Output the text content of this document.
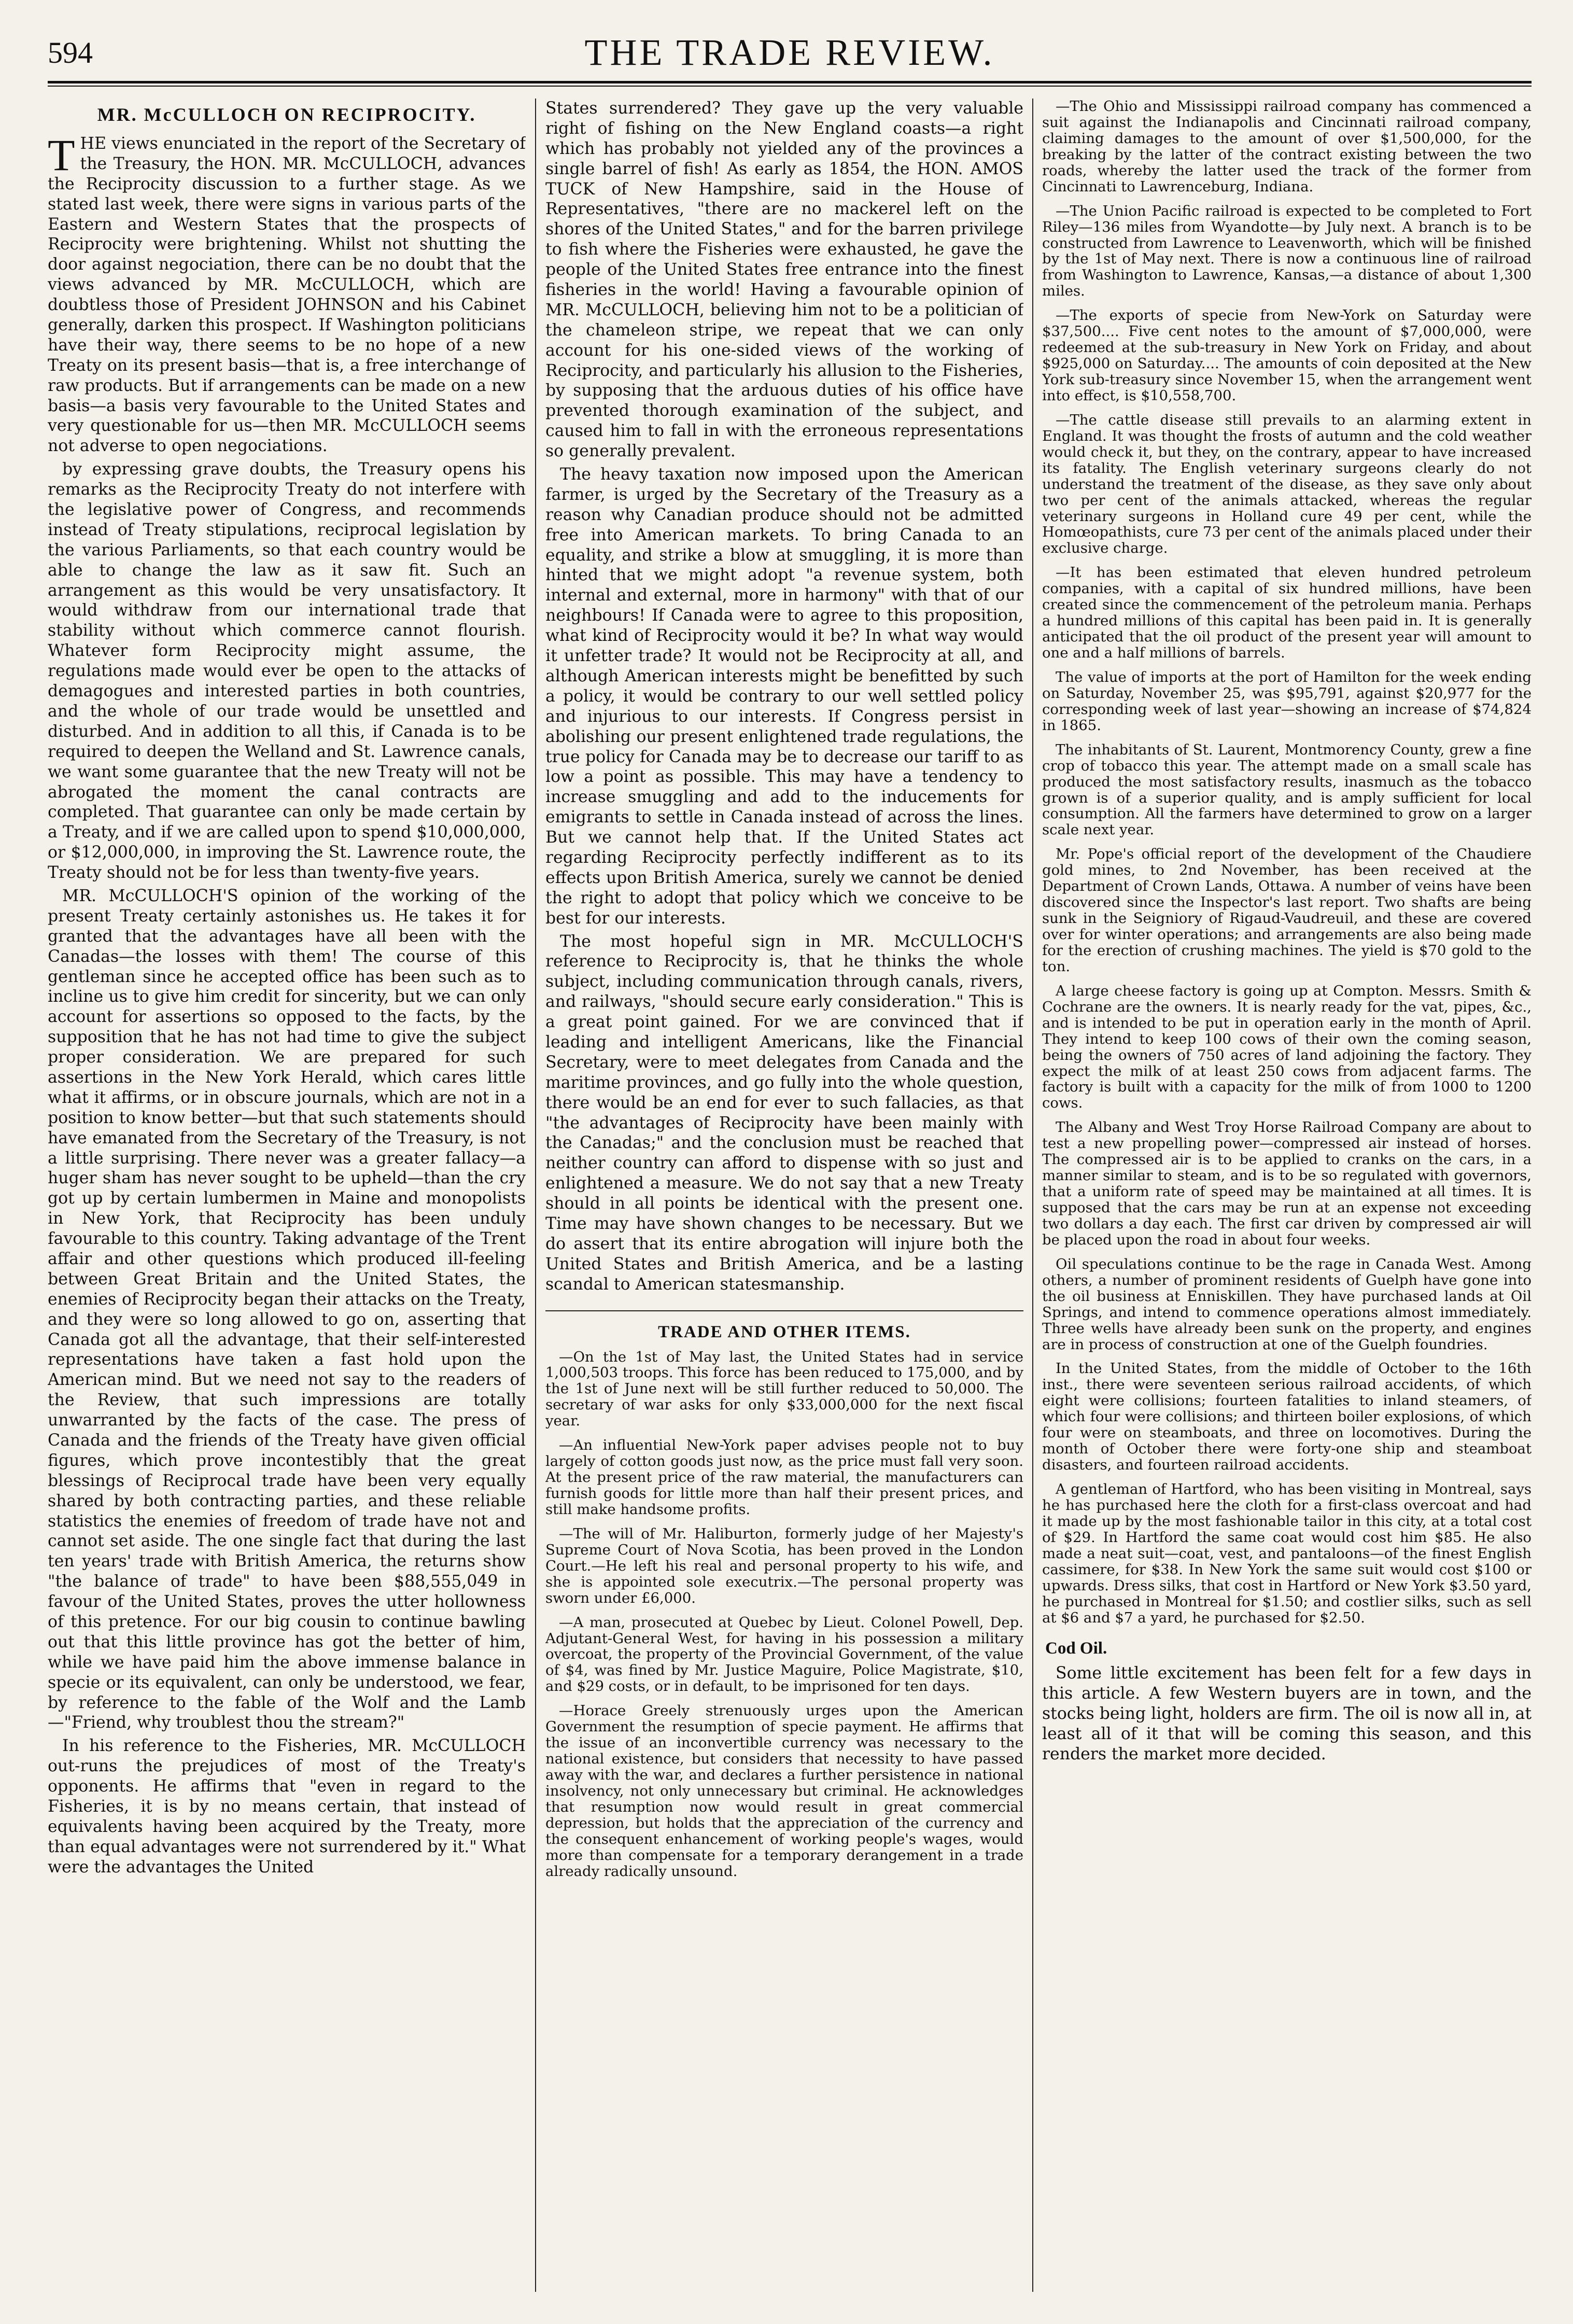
594	THE TRADE REVIEW.
MR. McCULLOCH ON RECIPROCITY.

THE views enunciated in the report of the Secretary of the Treasury, the HON. MR. McCULLOCH, advances the Reciprocity discussion to a further stage. As we stated last week, there were signs in various parts of the Eastern and Western States that the prospects of Reciprocity were brightening. Whilst not shutting the door against negociation, there can be no doubt that the views advanced by MR. McCULLOCH, which are doubtless those of President JOHNSON and his Cabinet generally, darken this prospect. If Washington politicians have their way, there seems to be no hope of a new Treaty on its present basis—that is, a free interchange of raw products. But if arrangements can be made on a new basis—a basis very favourable to the United States and very questionable for us—then MR. McCULLOCH seems not adverse to open negociations.

by expressing grave doubts, the Treasury opens his remarks as the Reciprocity Treaty do not interfere with the legislative power of Congress, and recommends instead of Treaty stipulations, reciprocal legislation by the various Parliaments, so that each country would be able to change the law as it saw fit. Such an arrangement as this would be very unsatisfactory. It would withdraw from our international trade that stability without which commerce cannot flourish. Whatever form Reciprocity might assume, the regulations made would ever be open to the attacks of demagogues and interested parties in both countries, and the whole of our trade would be unsettled and disturbed. And in addition to all this, if Canada is to be required to deepen the Welland and St. Lawrence canals, we want some guarantee that the new Treaty will not be abrogated the moment the canal contracts are completed. That guarantee can only be made certain by a Treaty, and if we are called upon to spend $10,000,000, or $12,000,000, in improving the St. Lawrence route, the Treaty should not be for less than twenty-five years.

MR. McCULLOCH'S opinion of the working of the present Treaty certainly astonishes us. He takes it for granted that the advantages have all been with the Canadas—the losses with them! The course of this gentleman since he accepted office has been such as to incline us to give him credit for sincerity, but we can only account for assertions so opposed to the facts, by the supposition that he has not had time to give the subject proper consideration. We are prepared for such assertions in the New York Herald, which cares little what it affirms, or in obscure journals, which are not in a position to know better—but that such statements should have emanated from the Secretary of the Treasury, is not a little surprising. There never was a greater fallacy—a huger sham has never sought to be upheld—than the cry got up by certain lumbermen in Maine and monopolists in New York, that Reciprocity has been unduly favourable to this country. Taking advantage of the Trent affair and other questions which produced ill-feeling between Great Britain and the United States, the enemies of Reciprocity began their attacks on the Treaty, and they were so long allowed to go on, asserting that Canada got all the advantage, that their self-interested representations have taken a fast hold upon the American mind. But we need not say to the readers of the Review, that such impressions are totally unwarranted by the facts of the case. The press of Canada and the friends of the Treaty have given official figures, which prove incontestibly that the great blessings of Reciprocal trade have been very equally shared by both contracting parties, and these reliable statistics the enemies of freedom of trade have not and cannot set aside. The one single fact that during the last ten years' trade with British America, the returns show "the balance of trade" to have been $88,555,049 in favour of the United States, proves the utter hollowness of this pretence. For our big cousin to continue bawling out that this little province has got the better of him, while we have paid him the above immense balance in specie or its equivalent, can only be understood, we fear, by reference to the fable of the Wolf and the Lamb—"Friend, why troublest thou the stream?"

In his reference to the Fisheries, MR. McCULLOCH out-runs the prejudices of most of the Treaty's opponents. He affirms that "even in regard to the Fisheries, it is by no means certain, that instead of equivalents having been acquired by the Treaty, more than equal advantages were not surrendered by it." What were the advantages the United

States surrendered? They gave up the very valuable right of fishing on the New England coasts—a right which has probably not yielded any of the provinces a single barrel of fish! As early as 1854, the HON. AMOS TUCK of New Hampshire, said in the House of Representatives, "there are no mackerel left on the shores of the United States," and for the barren privilege to fish where the Fisheries were exhausted, he gave the people of the United States free entrance into the finest fisheries in the world! Having a favourable opinion of MR. McCULLOCH, believing him not to be a politician of the chameleon stripe, we repeat that we can only account for his one-sided views of the working of Reciprocity, and particularly his allusion to the Fisheries, by supposing that the arduous duties of his office have prevented thorough examination of the subject, and caused him to fall in with the erroneous representations so generally prevalent.

The heavy taxation now imposed upon the American farmer, is urged by the Secretary of the Treasury as a reason why Canadian produce should not be admitted free into American markets. To bring Canada to an equality, and strike a blow at smuggling, it is more than hinted that we might adopt "a revenue system, both internal and external, more in harmony" with that of our neighbours! If Canada were to agree to this proposition, what kind of Reciprocity would it be? In what way would it unfetter trade? It would not be Reciprocity at all, and although American interests might be benefitted by such a policy, it would be contrary to our well settled policy and injurious to our interests. If Congress persist in abolishing our present enlightened trade regulations, the true policy for Canada may be to decrease our tariff to as low a point as possible. This may have a tendency to increase smuggling and add to the inducements for emigrants to settle in Canada instead of across the lines. But we cannot help that. If the United States act regarding Reciprocity perfectly indifferent as to its effects upon British America, surely we cannot be denied the right to adopt that policy which we conceive to be best for our interests.

The most hopeful sign in MR. McCULLOCH'S reference to Reciprocity is, that he thinks the whole subject, including communication through canals, rivers, and railways, "should secure early consideration." This is a great point gained. For we are convinced that if leading and intelligent Americans, like the Financial Secretary, were to meet delegates from Canada and the maritime provinces, and go fully into the whole question, there would be an end for ever to such fallacies, as that "the advantages of Reciprocity have been mainly with the Canadas;" and the conclusion must be reached that neither country can afford to dispense with so just and enlightened a measure. We do not say that a new Treaty should in all points be identical with the present one. Time may have shown changes to be necessary. But we do assert that its entire abrogation will injure both the United States and British America, and be a lasting scandal to American statesmanship.

TRADE AND OTHER ITEMS.

—On the 1st of May last, the United States had in service 1,000,503 troops. This force has been reduced to 175,000, and by the 1st of June next will be still further reduced to 50,000. The secretary of war asks for only $33,000,000 for the next fiscal year.

—An influential New-York paper advises people not to buy largely of cotton goods just now, as the price must fall very soon. At the present price of the raw material, the manufacturers can furnish goods for little more than half their present prices, and still make handsome profits.

—The will of Mr. Haliburton, formerly judge of her Majesty's Supreme Court of Nova Scotia, has been proved in the London Court.—He left his real and personal property to his wife, and she is appointed sole executrix.—The personal property was sworn under £6,000.

—A man, prosecuted at Quebec by Lieut. Colonel Powell, Dep. Adjutant-General West, for having in his possession a military overcoat, the property of the Provincial Government, of the value of $4, was fined by Mr. Justice Maguire, Police Magistrate, $10, and $29 costs, or in default, to be imprisoned for ten days.

—Horace Greely strenuously urges upon the American Government the resumption of specie payment. He affirms that the issue of an inconvertible currency was necessary to the national existence, but considers that necessity to have passed away with the war, and declares a further persistence in national insolvency, not only unnecessary but criminal. He acknowledges that resumption now would result in great commercial depression, but holds that the appreciation of the currency and the consequent enhancement of working people's wages, would more than compensate for a temporary derangement in a trade already radically unsound.

—The Ohio and Mississippi railroad company has commenced a suit against the Indianapolis and Cincinnati railroad company, claiming damages to the amount of over $1,500,000, for the breaking by the latter of the contract existing between the two roads, whereby the latter used the track of the former from Cincinnati to Lawrenceburg, Indiana.

—The Union Pacific railroad is expected to be completed to Fort Riley—136 miles from Wyandotte—by July next. A branch is to be constructed from Lawrence to Leavenworth, which will be finished by the 1st of May next. There is now a continuous line of railroad from Washington to Lawrence, Kansas,—a distance of about 1,300 miles.

—The exports of specie from New-York on Saturday were $37,500.... Five cent notes to the amount of $7,000,000, were redeemed at the sub-treasury in New York on Friday, and about $925,000 on Saturday.... The amounts of coin deposited at the New York sub-treasury since November 15, when the arrangement went into effect, is $10,558,700.

—The cattle disease still prevails to an alarming extent in England. It was thought the frosts of autumn and the cold weather would check it, but they, on the contrary, appear to have increased its fatality. The English veterinary surgeons clearly do not understand the treatment of the disease, as they save only about two per cent of the animals attacked, whereas the regular veterinary surgeons in Holland cure 49 per cent, while the Homœopathists, cure 73 per cent of the animals placed under their exclusive charge.

—It has been estimated that eleven hundred petroleum companies, with a capital of six hundred millions, have been created since the commencement of the petroleum mania. Perhaps a hundred millions of this capital has been paid in. It is generally anticipated that the oil product of the present year will amount to one and a half millions of barrels.

The value of imports at the port of Hamilton for the week ending on Saturday, November 25, was $95,791, against $20,977 for the corresponding week of last year—showing an increase of $74,824 in 1865.

The inhabitants of St. Laurent, Montmorency County, grew a fine crop of tobacco this year. The attempt made on a small scale has produced the most satisfactory results, inasmuch as the tobacco grown is of a superior quality, and is amply sufficient for local consumption. All the farmers have determined to grow on a larger scale next year.

Mr. Pope's official report of the development of the Chaudiere gold mines, to 2nd November, has been received at the Department of Crown Lands, Ottawa. A number of veins have been discovered since the Inspector's last report. Two shafts are being sunk in the Seigniory of Rigaud-Vaudreuil, and these are covered over for winter operations; and arrangements are also being made for the erection of crushing machines. The yield is $70 gold to the ton.

A large cheese factory is going up at Compton. Messrs. Smith & Cochrane are the owners. It is nearly ready for the vat, pipes, &c., and is intended to be put in operation early in the month of April. They intend to keep 100 cows of their own the coming season, being the owners of 750 acres of land adjoining the factory. They expect the milk of at least 250 cows from adjacent farms. The factory is built with a capacity for the milk of from 1000 to 1200 cows.

The Albany and West Troy Horse Railroad Company are about to test a new propelling power—compressed air instead of horses. The compressed air is to be applied to cranks on the cars, in a manner similar to steam, and is to be so regulated with governors, that a uniform rate of speed may be maintained at all times. It is supposed that the cars may be run at an expense not exceeding two dollars a day each. The first car driven by compressed air will be placed upon the road in about four weeks.

Oil speculations continue to be the rage in Canada West. Among others, a number of prominent residents of Guelph have gone into the oil business at Enniskillen. They have purchased lands at Oil Springs, and intend to commence operations almost immediately. Three wells have already been sunk on the property, and engines are in process of construction at one of the Guelph foundries.

In the United States, from the middle of October to the 16th inst., there were seventeen serious railroad accidents, of which eight were collisions; fourteen fatalities to inland steamers, of which four were collisions; and thirteen boiler explosions, of which four were on steamboats, and three on locomotives. During the month of October there were forty-one ship and steamboat disasters, and fourteen railroad accidents.

A gentleman of Hartford, who has been visiting in Montreal, says he has purchased here the cloth for a first-class overcoat and had it made up by the most fashionable tailor in this city, at a total cost of $29. In Hartford the same coat would cost him $85. He also made a neat suit—coat, vest, and pantaloons—of the finest English cassimere, for $38. In New York the same suit would cost $100 or upwards. Dress silks, that cost in Hartford or New York $3.50 yard, he purchased in Montreal for $1.50; and costlier silks, such as sell at $6 and $7 a yard, he purchased for $2.50.

Cod Oil.

Some little excitement has been felt for a few days in this article. A few Western buyers are in town, and the stocks being light, holders are firm. The oil is now all in, at least all of it that will be coming this season, and this renders the market more decided.
